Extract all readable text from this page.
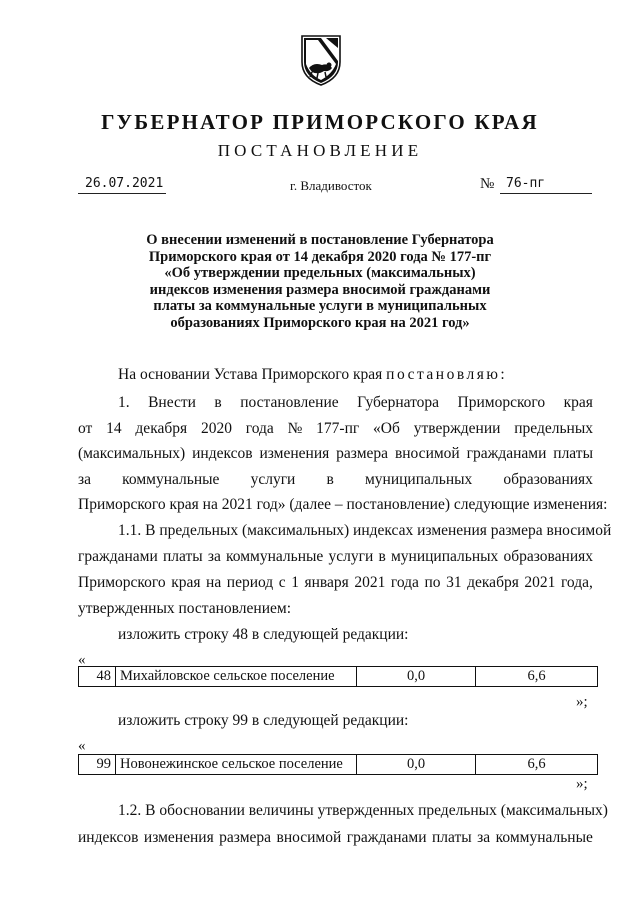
ГУБЕРНАТОР ПРИМОРСКОГО КРАЯ
ПОСТАНОВЛЕНИЕ
26.07.2021	г. Владивосток	№ 76-пг
О внесении изменений в постановление Губернатора
Приморского края от 14 декабря 2020 года № 177-пг
«Об утверждении предельных (максимальных)
индексов изменения размера вносимой гражданами
платы за коммунальные услуги в муниципальных
образованиях Приморского края на 2021 год»
На основании Устава Приморского края постановляю:
1. Внести в постановление Губернатора Приморского края
от 14 декабря 2020 года № 177-пг «Об утверждении предельных
(максимальных) индексов изменения размера вносимой гражданами платы
за коммунальные услуги в муниципальных образованиях
Приморского края на 2021 год» (далее – постановление) следующие изменения:
1.1. В предельных (максимальных) индексах изменения размера вносимой
гражданами платы за коммунальные услуги в муниципальных образованиях
Приморского края на период с 1 января 2021 года по 31 декабря 2021 года,
утвержденных постановлением:
изложить строку 48 в следующей редакции:
«
48	Михайловское сельское поселение	0,0	6,6
»;
изложить строку 99 в следующей редакции:
«
99	Новонежинское сельское поселение	0,0	6,6
»;
1.2. В обосновании величины утвержденных предельных (максимальных)
индексов изменения размера вносимой гражданами платы за коммунальные
